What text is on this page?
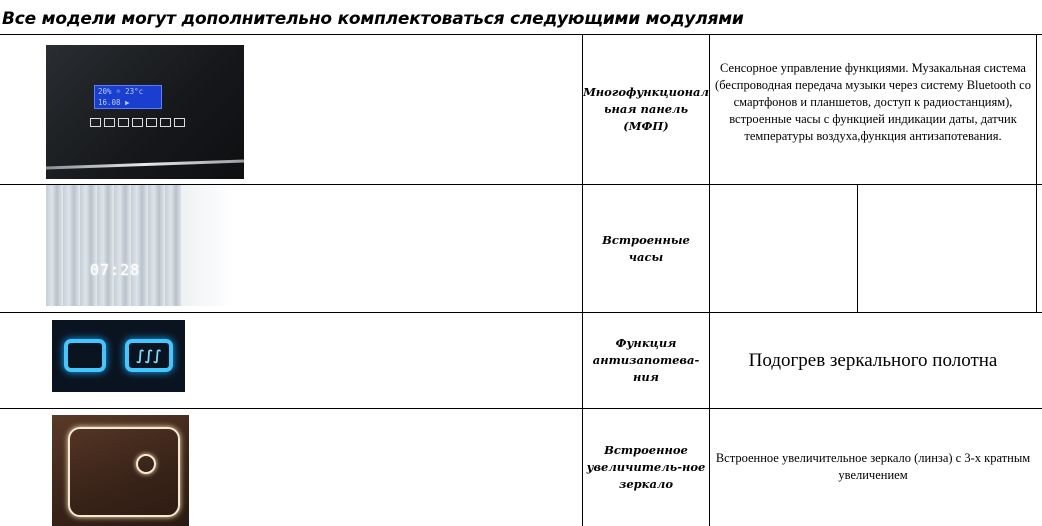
Все модели могут дополнительно комплектоваться следующими модулями
20% ☼ 23°c
16.08 ▶
Многофункционал ьная панель (МФП)
Сенсорное управление функциями. Музакальная система (беспроводная передача музыки через систему Bluetooth со смартфонов и планшетов, доступ к радиостанциям), встроенные часы с функцией индикации даты, датчик температуры воздуха,функция антизапотевания.
07:28
Встроенные часы
∫∫∫
Функция антизапотева-ния
Подогрев зеркального полотна
Встроенное увеличитель-ное зеркало
Встроенное увеличительное зеркало (линза) с 3-х кратным увеличением
